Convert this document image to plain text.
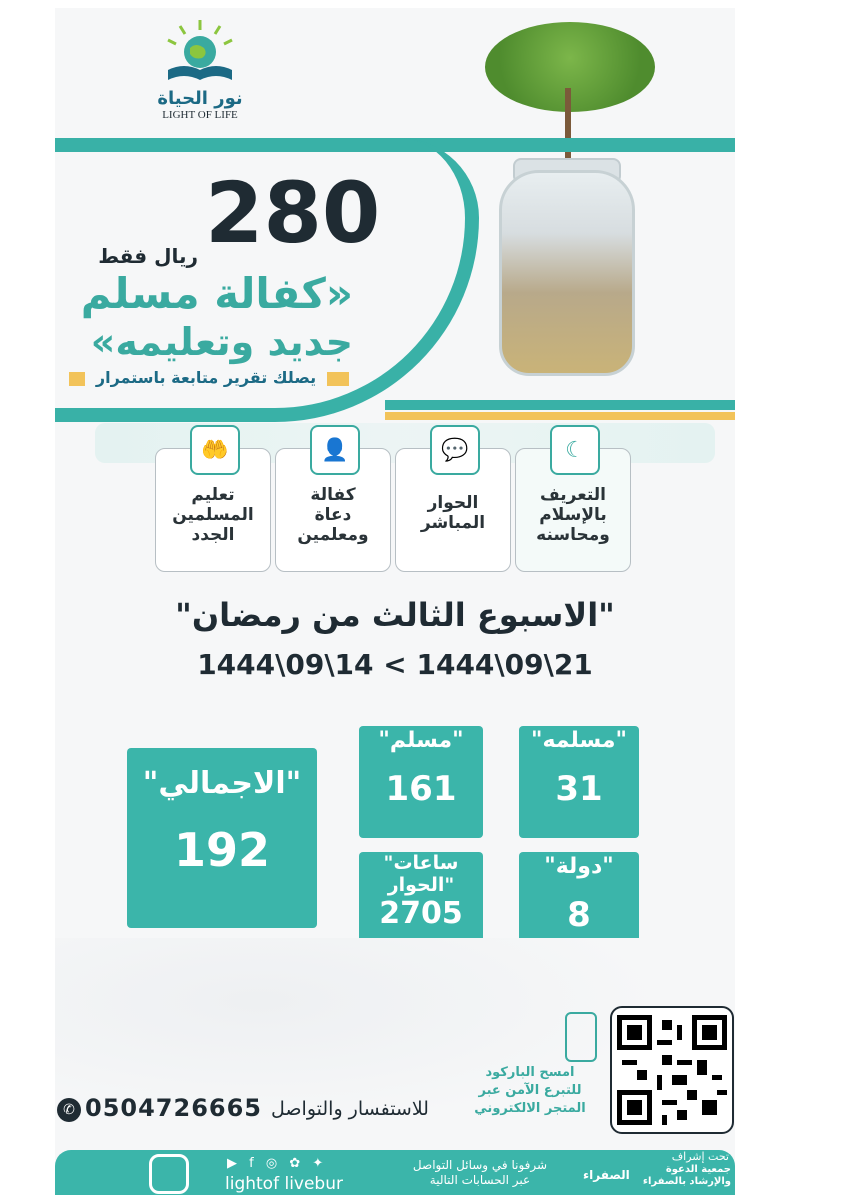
نور الحياة
LIGHT OF LIFE
280
ريال فقط
«كفالة مسلم
جديد وتعليمه»
يصلك تقرير متابعة باستمرار
☾
التعريف
بالإسلام
ومحاسنه
💬
الحوار
المباشر
👤
كفالة
دعاة
ومعلمين
🤲
تعليم
المسلمين
الجدد
"الاسبوع الثالث من رمضان"
1444\09\14 < 1444\09\21
"مسلمه"
31
"مسلم"
161
"الاجمالي"
192	"دولة"
8
"ساعات
الحوار"
2705
امسح الباركود
للتبرع الآمن عبر
المتجر الالكتروني
✆ 0504726665 للاستفسار والتواصل
▶ f ◎ ✿ ✦
lightof livebur
شرفونا في وسائل التواصل
عبر الحسابات التالية	الصفراء
تحت إشراف
جمعية الدعوة
والإرشاد بالصفراء
